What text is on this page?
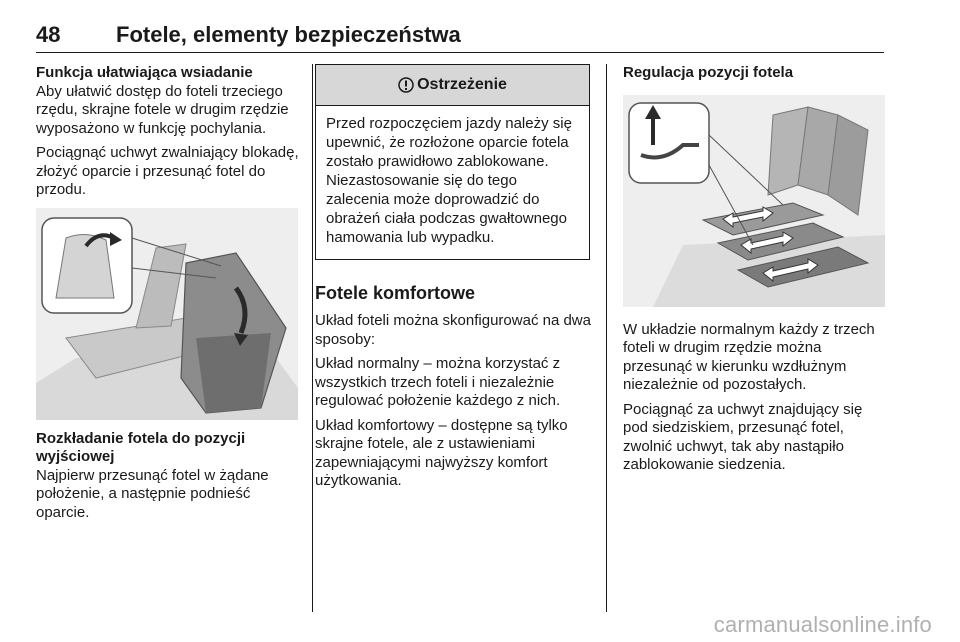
48	Fotele, elementy bezpieczeństwa

Funkcja ułatwiająca wsiadanie

Aby ułatwić dostęp do foteli trzeciego rzędu, skrajne fotele w drugim rzędzie wyposażono w funkcję pochylania.

Pociągnąć uchwyt zwalniający blokadę, złożyć oparcie i przesunąć fotel do przodu.

Rozkładanie fotela do pozycji wyjściowej

Najpierw przesunąć fotel w żądane położenie, a następnie podnieść oparcie.

Ostrzeżenie
Przed rozpoczęciem jazdy należy się upewnić, że rozłożone oparcie fotela zostało prawidłowo zablokowane. Niezastosowanie się do tego zalecenia może doprowadzić do obrażeń ciała podczas gwałtownego hamowania lub wypadku.

Fotele komfortowe

Układ foteli można skonfigurować na dwa sposoby:

Układ normalny – można korzystać z wszystkich trzech foteli i niezależnie regulować położenie każdego z nich.

Układ komfortowy – dostępne są tylko skrajne fotele, ale z ustawieniami zapewniającymi najwyższy komfort użytkowania.

Regulacja pozycji fotela

W układzie normalnym każdy z trzech foteli w drugim rzędzie można przesunąć w kierunku wzdłużnym niezależnie od pozostałych.

Pociągnąć za uchwyt znajdujący się pod siedziskiem, przesunąć fotel, zwolnić uchwyt, tak aby nastąpiło zablokowanie siedzenia.

carmanualsonline.info
